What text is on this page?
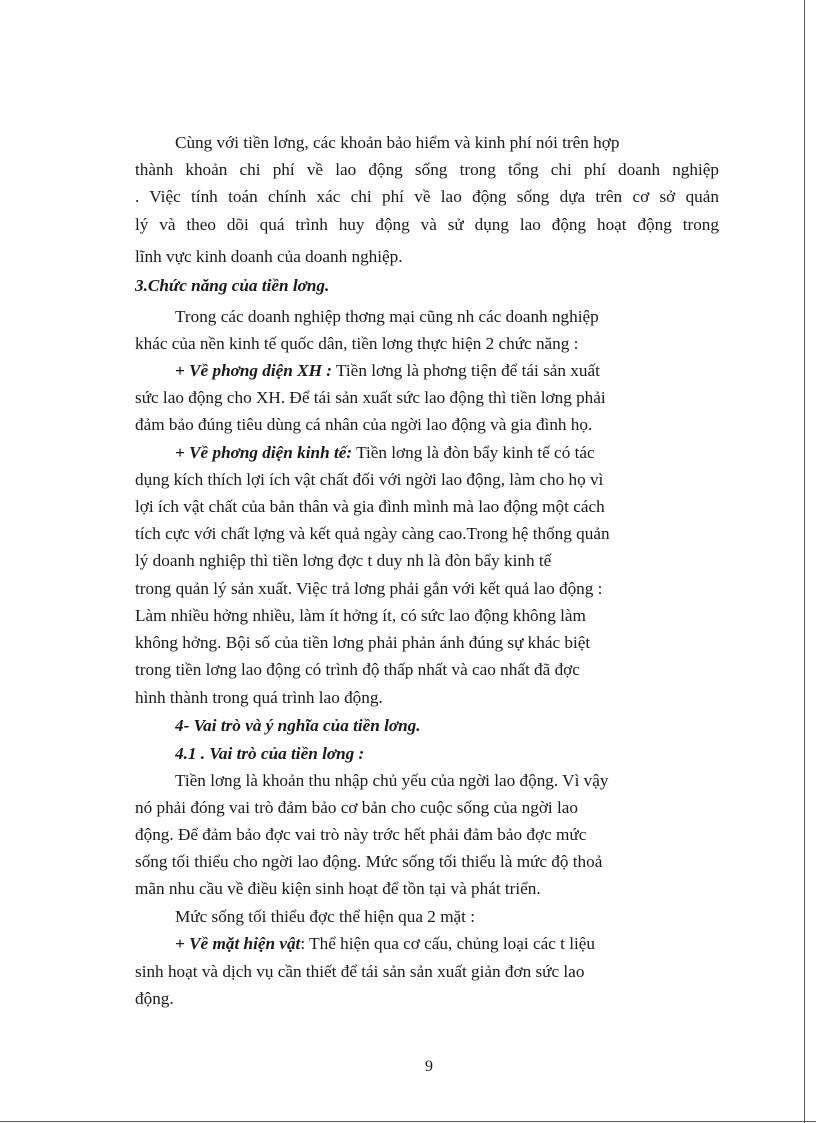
Cùng với tiền lơng, các khoản bảo hiểm và kinh phí nói trên hợp
thành khoản chi phí về lao động sống trong tổng chi phí doanh nghiệp
. Việc tính toán chính xác chi phí về lao động sống dựa trên cơ sở quản
lý và theo dõi quá trình huy động và sử dụng lao động hoạt động trong
lĩnh vực kinh doanh của doanh nghiệp.
3.Chức năng của tiền lơng.
Trong các doanh nghiệp thơng mại cũng nh các doanh nghiệp
khác của nền kinh tế quốc dân, tiền lơng thực hiện 2 chức năng :
+ Về phơng diện XH : Tiền lơng là phơng tiện để tái sản xuất
sức lao động cho XH. Để tái sản xuất sức lao động thì tiền lơng phải
đảm bảo đúng tiêu dùng cá nhân của ngời lao động và gia đình họ.
+ Về phơng diện kinh tế: Tiền lơng là đòn bẩy kinh tế có tác
dụng kích thích lợi ích vật chất đối với ngời lao động, làm cho họ vì
lợi ích vật chất của bản thân và gia đình mình mà lao động một cách
tích cực với chất lợng và kết quả ngày càng cao.Trong hệ thống quản
lý doanh nghiệp thì tiền lơng đợc t duy nh là đòn bẩy kinh tế
trong quản lý sản xuất. Việc trả lơng phải gắn với kết quả lao động :
Làm nhiều hởng nhiều, làm ít hởng ít, có sức lao động không làm
không hởng. Bội số của tiền lơng phải phản ánh đúng sự khác biệt
trong tiền lơng lao động có trình độ thấp nhất và cao nhất đã đợc
hình thành trong quá trình lao động.
4- Vai trò và ý nghĩa của tiền lơng.
4.1 . Vai trò của tiền lơng :
Tiền lơng là khoản thu nhập chủ yếu của ngời lao động. Vì vậy
nó phải đóng vai trò đảm bảo cơ bản cho cuộc sống của ngời lao
động. Để đảm bảo đợc vai trò này trớc hết phải đảm bảo đợc mức
sống tối thiểu cho ngời lao động. Mức sống tối thiểu là mức độ thoả
mãn nhu cầu về điều kiện sinh hoạt để tồn tại và phát triển.
Mức sống tối thiểu đợc thể hiện qua 2 mặt :
+ Về mặt hiện vật: Thể hiện qua cơ cấu, chủng loại các t liệu
sinh hoạt và dịch vụ cần thiết để tái sản sản xuất giản đơn sức lao
động.
9
